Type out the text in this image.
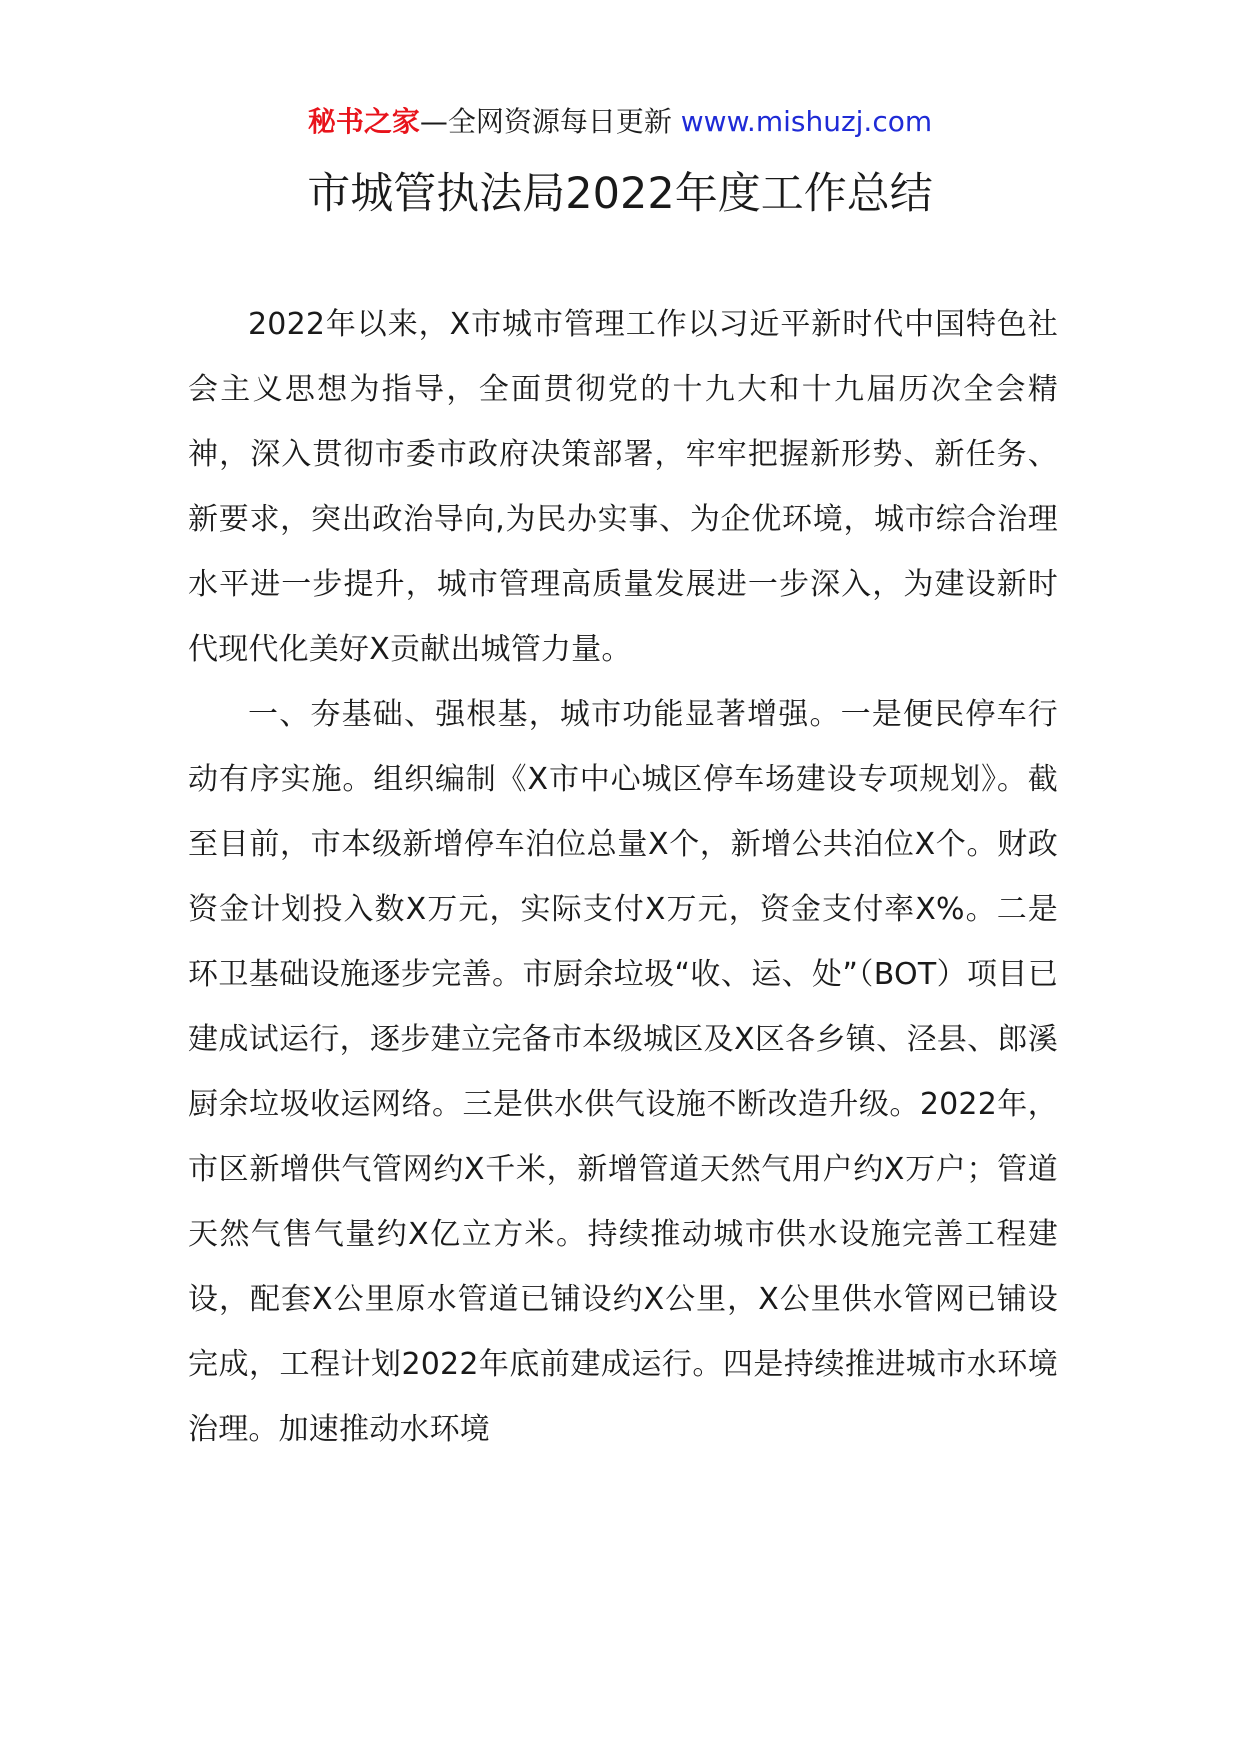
秘书之家—全网资源每日更新 www.mishuzj.com
市城管执法局2022年度工作总结

2022年以来，X市城市管理工作以习近平新时代中国特色社会主义思想为指导，全面贯彻党的十九大和十九届历次全会精神，深入贯彻市委市政府决策部署，牢牢把握新形势、新任务、新要求，突出政治导向,为民办实事、为企优环境，城市综合治理水平进一步提升，城市管理高质量发展进一步深入，为建设新时代现代化美好X贡献出城管力量。

一、夯基础、强根基，城市功能显著增强。一是便民停车行动有序实施。组织编制《X市中心城区停车场建设专项规划》。截至目前，市本级新增停车泊位总量X个，新增公共泊位X个。财政资金计划投入数X万元，实际支付X万元，资金支付率X%。二是环卫基础设施逐步完善。市厨余垃圾“收、运、处”（BOT）项目已建成试运行，逐步建立完备市本级城区及X区各乡镇、泾县、郎溪厨余垃圾收运网络。三是供水供气设施不断改造升级。2022年，市区新增供气管网约X千米，新增管道天然气用户约X万户；管道天然气售气量约X亿立方米。持续推动城市供水设施完善工程建设，配套X公里原水管道已铺设约X公里，X公里供水管网已铺设完成，工程计划2022年底前建成运行。四是持续推进城市水环境治理。加速推动水环境
